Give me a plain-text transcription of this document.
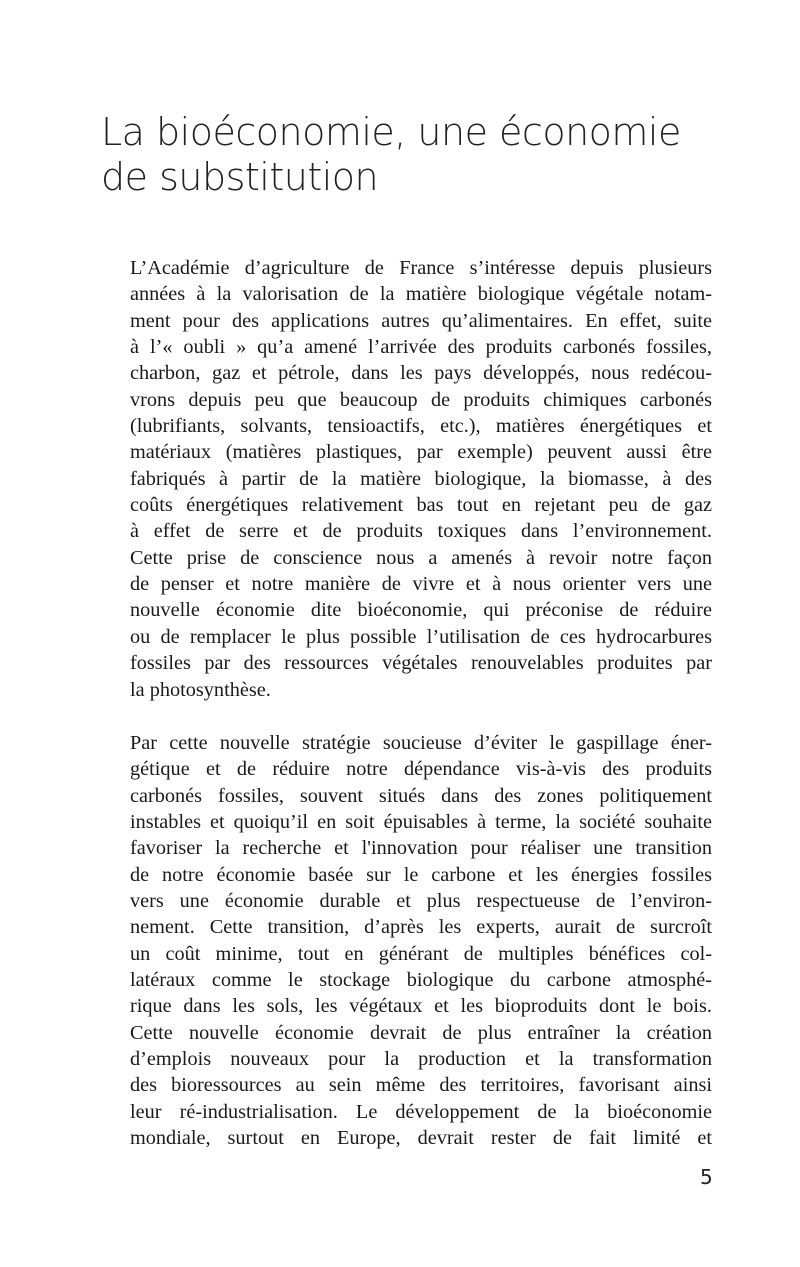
La bioéconomie, une économie
de substitution
L’Académie d’agriculture de France s’intéresse depuis plusieurs
années à la valorisation de la matière biologique végétale notam-
ment pour des applications autres qu’alimentaires. En effet, suite
à l’« oubli » qu’a amené l’arrivée des produits carbonés fossiles,
charbon, gaz et pétrole, dans les pays développés, nous redécou-
vrons depuis peu que beaucoup de produits chimiques carbonés
(lubrifiants, solvants, tensioactifs, etc.), matières énergétiques et
matériaux (matières plastiques, par exemple) peuvent aussi être
fabriqués à partir de la matière biologique, la biomasse, à des
coûts énergétiques relativement bas tout en rejetant peu de gaz
à effet de serre et de produits toxiques dans l’environnement.
Cette prise de conscience nous a amenés à revoir notre façon
de penser et notre manière de vivre et à nous orienter vers une
nouvelle économie dite bioéconomie, qui préconise de réduire
ou de remplacer le plus possible l’utilisation de ces hydrocarbures
fossiles par des ressources végétales renouvelables produites par
la photosynthèse.
Par cette nouvelle stratégie soucieuse d’éviter le gaspillage éner-
gétique et de réduire notre dépendance vis-à-vis des produits
carbonés fossiles, souvent situés dans des zones politiquement
instables et quoiqu’il en soit épuisables à terme, la société souhaite
favoriser la recherche et l'innovation pour réaliser une transition
de notre économie basée sur le carbone et les énergies fossiles
vers une économie durable et plus respectueuse de l’environ-
nement. Cette transition, d’après les experts, aurait de surcroît
un coût minime, tout en générant de multiples bénéfices col-
latéraux comme le stockage biologique du carbone atmosphé-
rique dans les sols, les végétaux et les bioproduits dont le bois.
Cette nouvelle économie devrait de plus entraîner la création
d’emplois nouveaux pour la production et la transformation
des bioressources au sein même des territoires, favorisant ainsi
leur ré-industrialisation. Le développement de la bioéconomie
mondiale, surtout en Europe, devrait rester de fait limité et
5
